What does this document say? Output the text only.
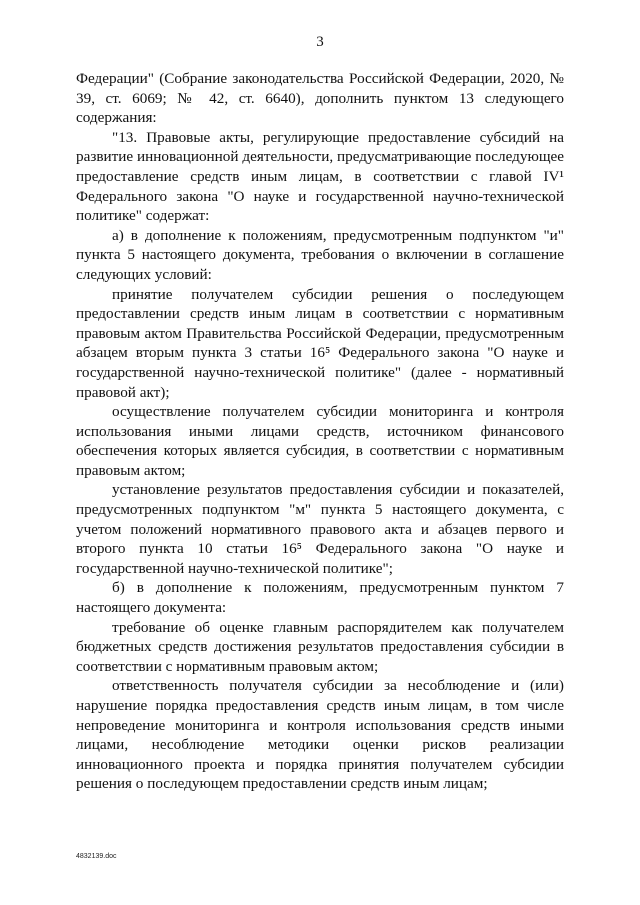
3

Федерации" (Собрание законодательства Российской Федерации, 2020, № 39, ст. 6069; № 42, ст. 6640), дополнить пунктом 13 следующего содержания:

"13. Правовые акты, регулирующие предоставление субсидий на развитие инновационной деятельности, предусматривающие последующее предоставление средств иным лицам, в соответствии с главой IV¹ Федерального закона "О науке и государственной научно-технической политике" содержат:

а) в дополнение к положениям, предусмотренным подпунктом "и" пункта 5 настоящего документа, требования о включении в соглашение следующих условий:

принятие получателем субсидии решения о последующем предоставлении средств иным лицам в соответствии с нормативным правовым актом Правительства Российской Федерации, предусмотренным абзацем вторым пункта 3 статьи 16⁵ Федерального закона "О науке и государственной научно-технической политике" (далее - нормативный правовой акт);

осуществление получателем субсидии мониторинга и контроля использования иными лицами средств, источником финансового обеспечения которых является субсидия, в соответствии с нормативным правовым актом;

установление результатов предоставления субсидии и показателей, предусмотренных подпунктом "м" пункта 5 настоящего документа, с учетом положений нормативного правового акта и абзацев первого и второго пункта 10 статьи 16⁵ Федерального закона "О науке и государственной научно-технической политике";

б) в дополнение к положениям, предусмотренным пунктом 7 настоящего документа:

требование об оценке главным распорядителем как получателем бюджетных средств достижения результатов предоставления субсидии в соответствии с нормативным правовым актом;

ответственность получателя субсидии за несоблюдение и (или) нарушение порядка предоставления средств иным лицам, в том числе непроведение мониторинга и контроля использования средств иными лицами, несоблюдение методики оценки рисков реализации инновационного проекта и порядка принятия получателем субсидии решения о последующем предоставлении средств иным лицам;

4832139.doc
